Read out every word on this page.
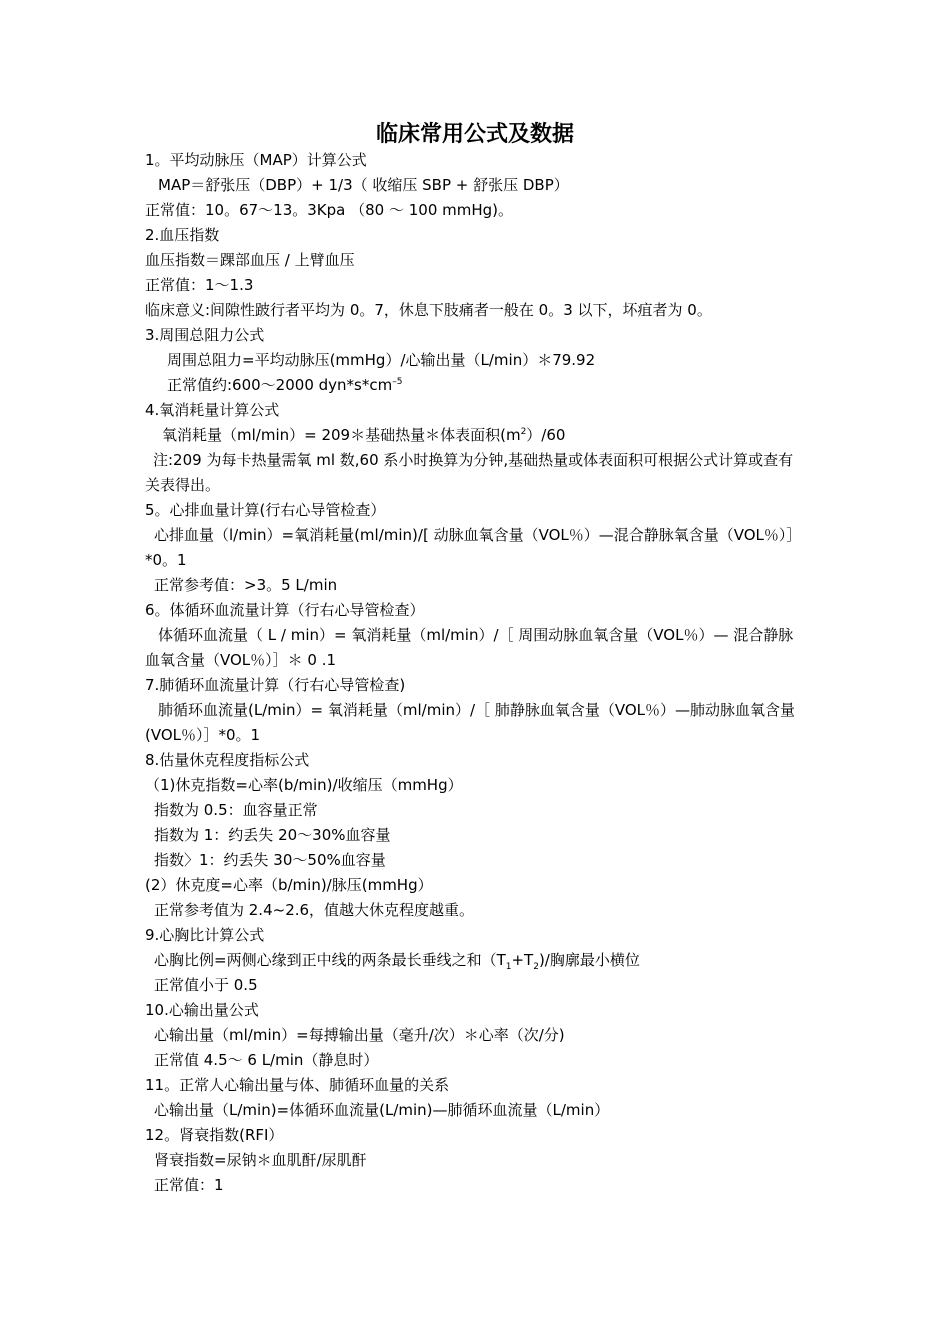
临床常用公式及数据
1。平均动脉压（MAP）计算公式
MAP＝舒张压（DBP）+ 1/3（ 收缩压 SBP + 舒张压 DBP）
正常值：10。67～13。3Kpa （80 ～ 100 mmHg)。
2.血压指数
血压指数＝踝部血压 / 上臂血压
正常值：1～1.3
临床意义:间隙性跛行者平均为 0。7，休息下肢痛者一般在 0。3 以下，坏疽者为 0。
3.周围总阻力公式
周围总阻力=平均动脉压(mmHg）/心输出量（L/min）＊79.92
正常值约:600～2000 $dyn*s*cm^{-5}$
4.氧消耗量计算公式
氧消耗量（ml/min）= 209＊基础热量＊体表面积$(m^2)/60$
注:209 为每卡热量需氧 ml 数,60 系小时换算为分钟,基础热量或体表面积可根据公式计算或查有关表得出。
5。心排血量计算(行右心导管检查）
心排血量（l/min）=氧消耗量(ml/min)/[ 动脉血氧含量（VOL％）—混合静脉氧含量（VOL％）］*0。1
正常参考值：>3。5 L/min
6。体循环血流量计算（行右心导管检查）
体循环血流量（ L / min）= 氧消耗量（ml/min）/［ 周围动脉血氧含量（VOL％）— 混合静脉血氧含量（VOL％）］＊ 0 .1
7.肺循环血流量计算（行右心导管检查)
肺循环血流量(L/min）= 氧消耗量（ml/min）/［ 肺静脉血氧含量（VOL％）—肺动脉血氧含量(VOL％）］*0。1
8.估量休克程度指标公式
（1)休克指数=心率(b/min)/收缩压（mmHg）
指数为 0.5：血容量正常
指数为 1：约丢失 20～30%血容量
指数〉1：约丢失 30～50%血容量
(2）休克度=心率（b/min)/脉压(mmHg）
正常参考值为 2.4~2.6，值越大休克程度越重。
9.心胸比计算公式
心胸比例=两侧心缘到正中线的两条最长垂线之和$(T_1+T_2)/$胸廓最小横位
正常值小于 0.5
10.心输出量公式
心输出量（ml/min）=每搏输出量（毫升/次）＊心率（次/分)
正常值 4.5～ 6 L/min（静息时）
11。正常人心输出量与体、肺循环血量的关系
心输出量（L/min)=体循环血流量(L/min)—肺循环血流量（L/min）
12。肾衰指数(RFI）
肾衰指数=尿钠＊血肌酐/尿肌酐
正常值：1
